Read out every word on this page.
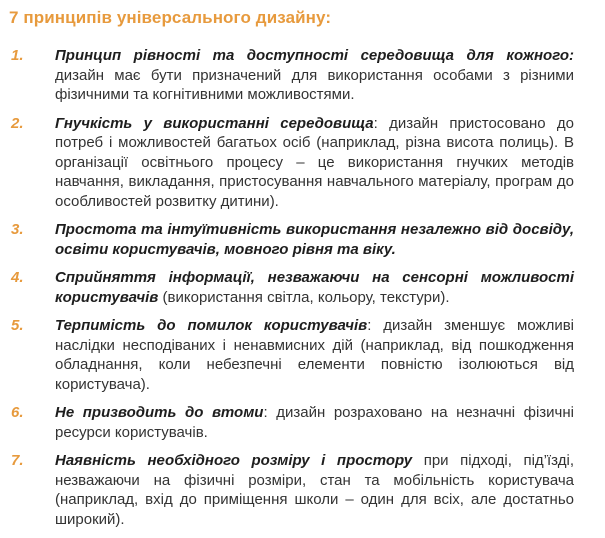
7 принципів універсального дизайну:
1. Принцип рівності та доступності середовища для кожного: дизайн має бути призначений для використання особами з різними фізичними та когнітивними можливостями.
2. Гнучкість у використанні середовища: дизайн пристосовано до потреб і можливостей багатьох осіб (наприклад, різна висота полиць). В організації освітнього процесу – це використання гнучких методів навчання, викладання, пристосування навчального матеріалу, програм до особливостей розвитку дитини).
3. Простота та інтуїтивність використання незалежно від досвіду, освіти користувачів, мовного рівня та віку.
4. Сприйняття інформації, незважаючи на сенсорні можливості користувачів (використання світла, кольору, текстури).
5. Терпимість до помилок користувачів: дизайн зменшує можливі наслідки несподіваних і ненавмисних дій (наприклад, від пошкодження обладнання, коли небезпечні елементи повністю ізолюються від користувача).
6. Не призводить до втоми: дизайн розраховано на незначні фізичні ресурси користувачів.
7. Наявність необхідного розміру і простору при підході, під’їзді, незважаючи на фізичні розміри, стан та мобільність користувача (наприклад, вхід до приміщення школи – один для всіх, але достатньо широкий).
